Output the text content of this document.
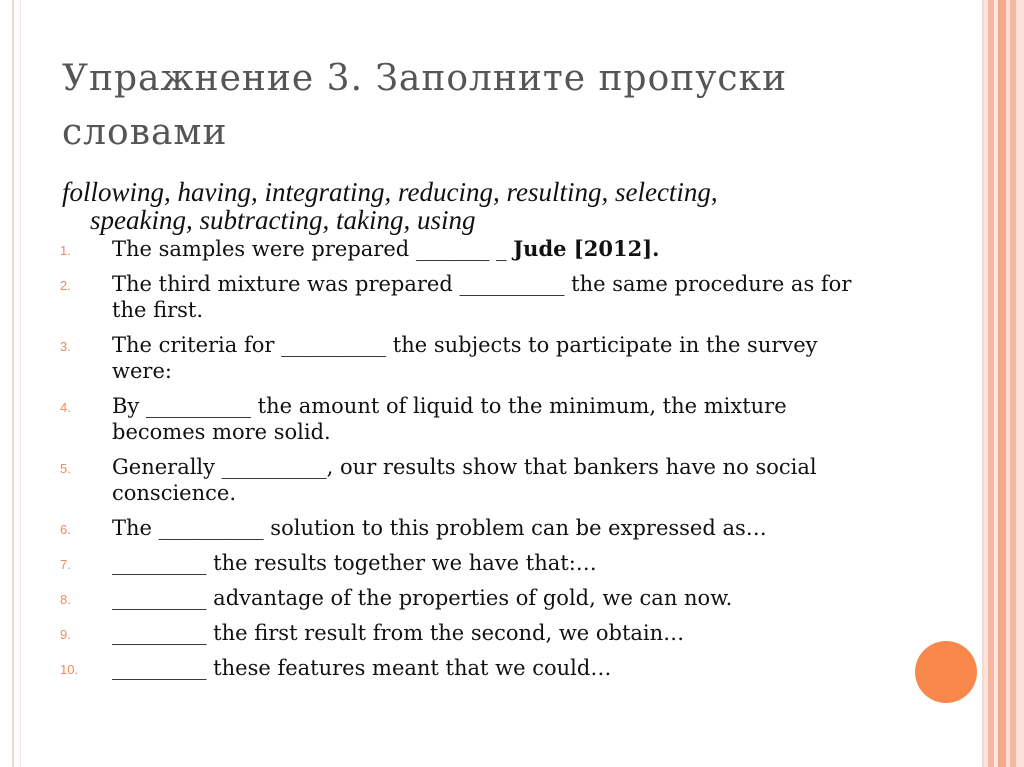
Упражнение 3. Заполните пропуски словами

following, having, integrating, reducing, resulting, selecting,
speaking, subtracting, taking, using

1. The samples were prepared _______ _ Jude [2012].
2. The third mixture was prepared __________ the same procedure as for the first.
3. The criteria for __________ the subjects to participate in the survey were:
4. By __________ the amount of liquid to the minimum, the mixture becomes more solid.
5. Generally __________, our results show that bankers have no social conscience.
6. The __________ solution to this problem can be expressed as…
7. _________ the results together we have that:…
8. _________ advantage of the properties of gold, we can now.
9. _________ the first result from the second, we obtain…
10. _________ these features meant that we could…
